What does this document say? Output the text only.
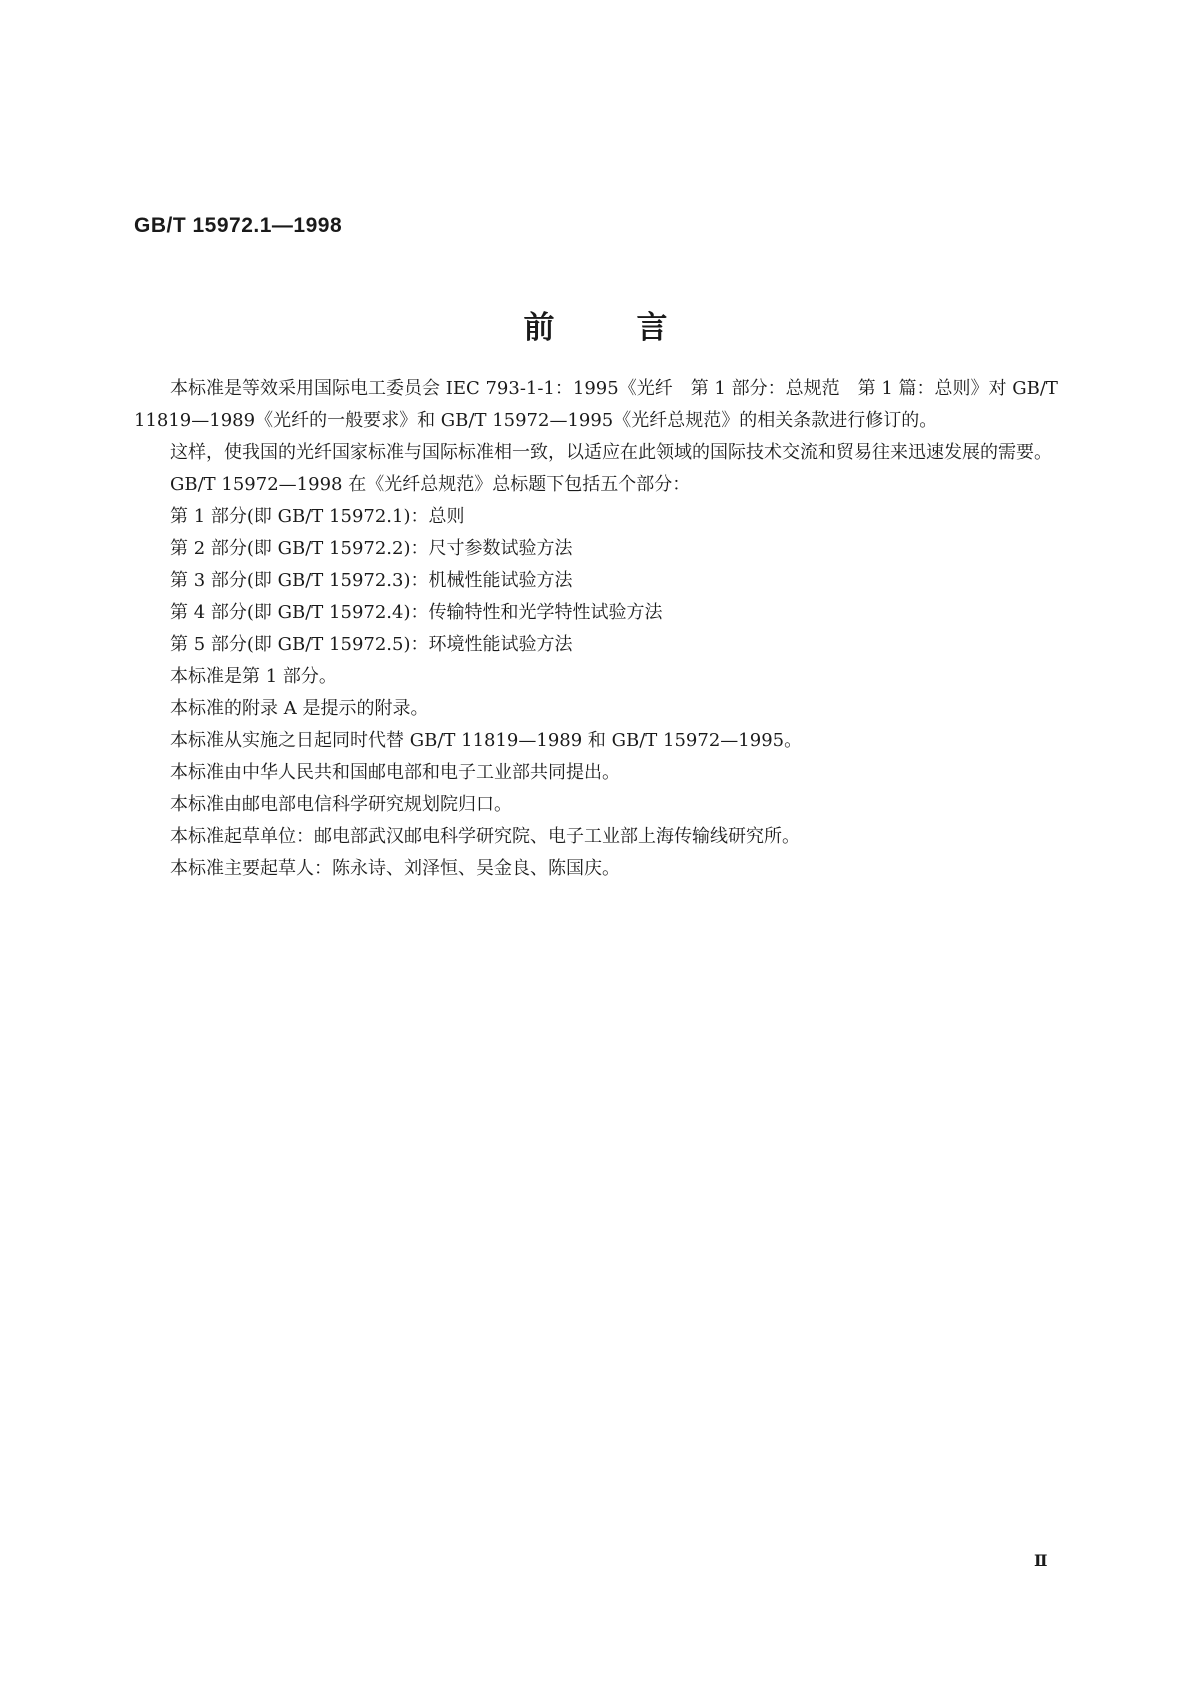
GB/T 15972.1—1998
前言

本标准是等效采用国际电工委员会 IEC 793-1-1：1995《光纤　第 1 部分：总规范　第 1 篇：总则》对 GB/T 11819—1989《光纤的一般要求》和 GB/T 15972—1995《光纤总规范》的相关条款进行修订的。

这样，使我国的光纤国家标准与国际标准相一致，以适应在此领域的国际技术交流和贸易往来迅速发展的需要。

GB/T 15972—1998 在《光纤总规范》总标题下包括五个部分：

第 1 部分(即 GB/T 15972.1)：总则

第 2 部分(即 GB/T 15972.2)：尺寸参数试验方法

第 3 部分(即 GB/T 15972.3)：机械性能试验方法

第 4 部分(即 GB/T 15972.4)：传输特性和光学特性试验方法

第 5 部分(即 GB/T 15972.5)：环境性能试验方法

本标准是第 1 部分。

本标准的附录 A 是提示的附录。

本标准从实施之日起同时代替 GB/T 11819—1989 和 GB/T 15972—1995。

本标准由中华人民共和国邮电部和电子工业部共同提出。

本标准由邮电部电信科学研究规划院归口。

本标准起草单位：邮电部武汉邮电科学研究院、电子工业部上海传输线研究所。

本标准主要起草人：陈永诗、刘泽恒、吴金良、陈国庆。

Ⅱ
